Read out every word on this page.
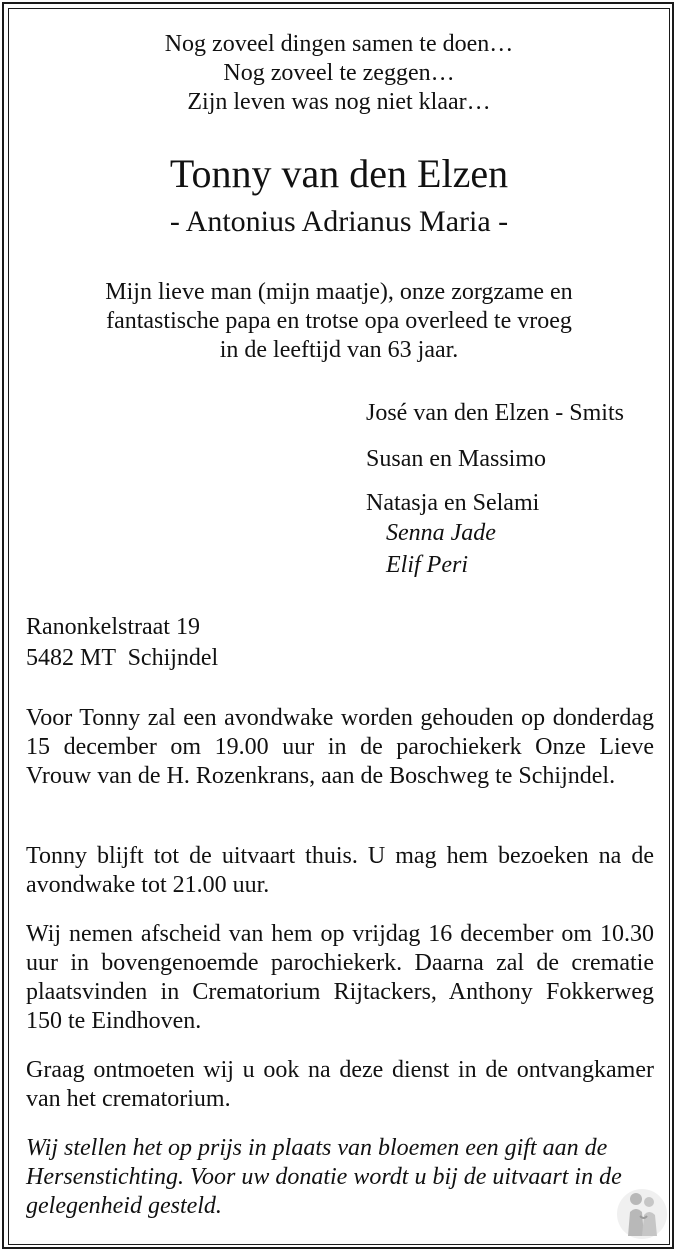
Nog zoveel dingen samen te doen…
Nog zoveel te zeggen…
Zijn leven was nog niet klaar…
Tonny van den Elzen
- Antonius Adrianus Maria -
Mijn lieve man (mijn maatje), onze zorgzame en
fantastische papa en trotse opa overleed te vroeg
in de leeftijd van 63 jaar.
José van den Elzen - Smits
Susan en Massimo
Natasja en Selami
Senna Jade
Elif Peri
Ranonkelstraat 19
5482 MT  Schijndel
Voor Tonny zal een avondwake worden gehouden op donderdag 15 december om 19.00 uur in de parochiekerk Onze Lieve Vrouw van de H. Rozenkrans, aan de Boschweg te Schijndel.
Tonny blijft tot de uitvaart thuis. U mag hem bezoeken na de avondwake tot 21.00 uur.
Wij nemen afscheid van hem op vrijdag 16 december om 10.30 uur in bovengenoemde parochiekerk. Daarna zal de crematie plaatsvinden in Crematorium Rijtackers, Anthony Fokkerweg 150 te Eindhoven.
Graag ontmoeten wij u ook na deze dienst in de ontvangkamer van het crematorium.
Wij stellen het op prijs in plaats van bloemen een gift aan de Hersenstichting. Voor uw donatie wordt u bij de uitvaart in de gelegenheid gesteld.
